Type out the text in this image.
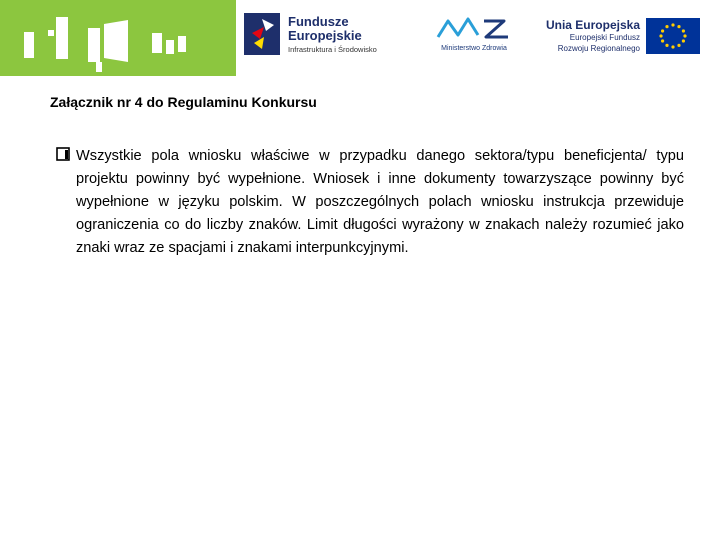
Fundusze
Europejskie
Infrastruktura i Środowisko	Ministerstwo Zdrowia
Unia Europejska
Europejski Fundusz
Rozwoju Regionalnego
Załącznik nr 4 do Regulaminu Konkursu

Wszystkie pola wniosku właściwe w przypadku danego sektora/typu beneficjenta/ typu projektu powinny być wypełnione. Wniosek i inne dokumenty towarzyszące powinny być wypełnione w języku polskim. W poszczególnych polach wniosku instrukcja przewiduje ograniczenia co do liczby znaków. Limit długości wyrażony w znakach należy rozumieć jako znaki wraz ze spacjami i znakami interpunkcyjnymi.
